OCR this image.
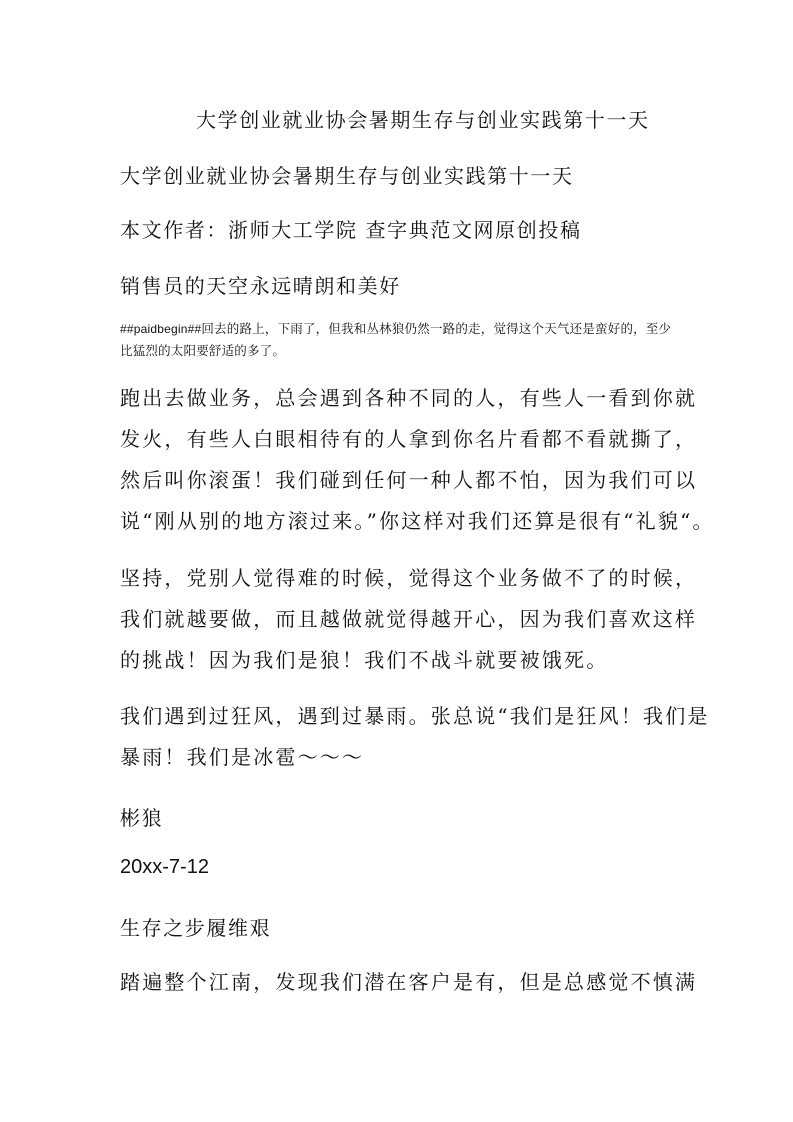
大学创业就业协会暑期生存与创业实践第十一天
大学创业就业协会暑期生存与创业实践第十一天
本文作者：浙师大工学院 查字典范文网原创投稿
销售员的天空永远晴朗和美好
##paidbegin##回去的路上，下雨了，但我和丛林狼仍然一路的走，觉得这个天气还是蛮好的，至少比猛烈的太阳要舒适的多了。
跑出去做业务，总会遇到各种不同的人，有些人一看到你就
发火，有些人白眼相待有的人拿到你名片看都不看就撕了，
然后叫你滚蛋！我们碰到任何一种人都不怕，因为我们可以
说“刚从别的地方滚过来。”你这样对我们还算是很有“礼貌“。
坚持，党别人觉得难的时候，觉得这个业务做不了的时候，
我们就越要做，而且越做就觉得越开心，因为我们喜欢这样
的挑战！因为我们是狼！我们不战斗就要被饿死。
我们遇到过狂风，遇到过暴雨。张总说“我们是狂风！我们是
暴雨！我们是冰雹～～～
彬狼
20xx-7-12
生存之步履维艰
踏遍整个江南，发现我们潜在客户是有，但是总感觉不慎满
